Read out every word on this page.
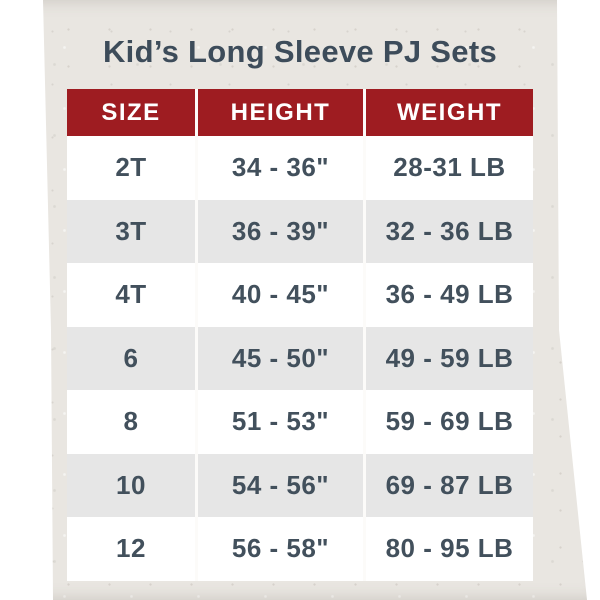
Kid’s Long Sleeve PJ Sets
SIZE	HEIGHT	WEIGHT
2T	34 - 36"	28-31 LB
3T	36 - 39"	32 - 36 LB
4T	40 - 45"	36 - 49 LB
6	45 - 50"	49 - 59 LB
8	51 - 53"	59 - 69 LB
10	54 - 56"	69 - 87 LB
12	56 - 58"	80 - 95 LB
